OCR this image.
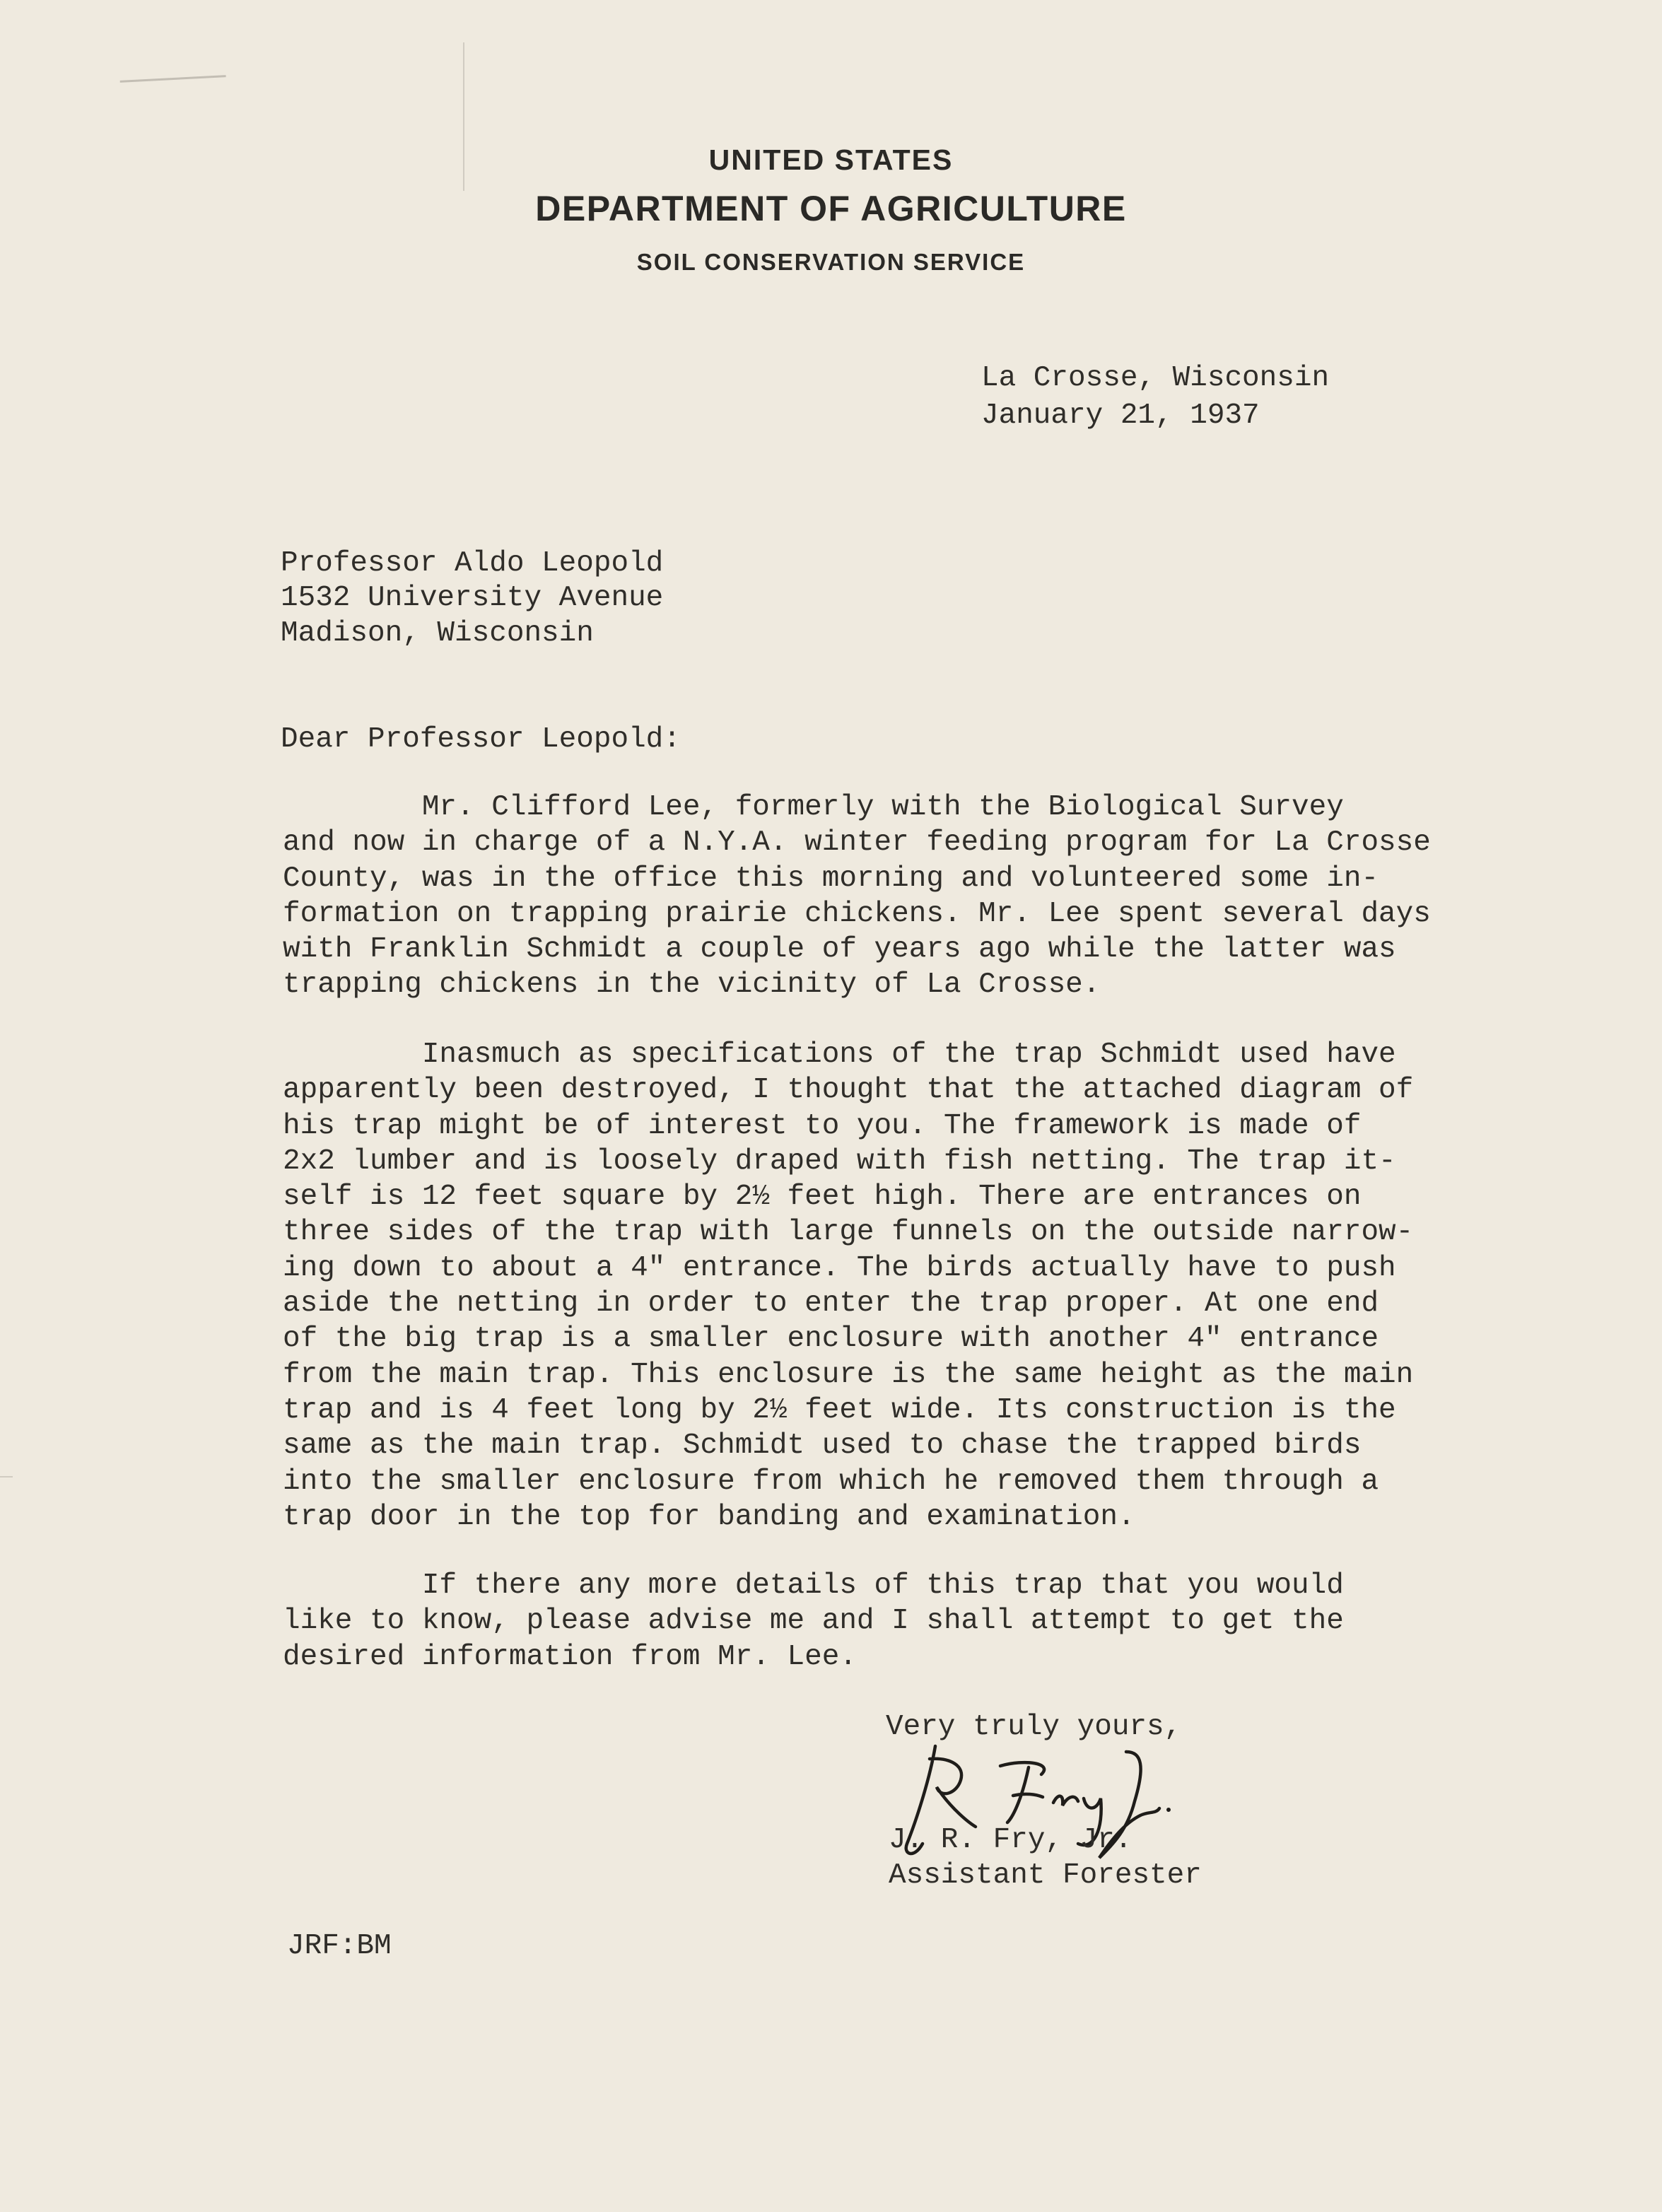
UNITED STATES
DEPARTMENT OF AGRICULTURE
SOIL CONSERVATION SERVICE
La Crosse, Wisconsin
January 21, 1937
Professor Aldo Leopold
1532 University Avenue
Madison, Wisconsin
Dear Professor Leopold:
Mr. Clifford Lee, formerly with the Biological Survey
and now in charge of a N.Y.A. winter feeding program for La Crosse
County, was in the office this morning and volunteered some in-
formation on trapping prairie chickens. Mr. Lee spent several days
with Franklin Schmidt a couple of years ago while the latter was
trapping chickens in the vicinity of La Crosse.
Inasmuch as specifications of the trap Schmidt used have
apparently been destroyed, I thought that the attached diagram of
his trap might be of interest to you. The framework is made of
2x2 lumber and is loosely draped with fish netting. The trap it-
self is 12 feet square by 2½ feet high. There are entrances on
three sides of the trap with large funnels on the outside narrow-
ing down to about a 4" entrance. The birds actually have to push
aside the netting in order to enter the trap proper. At one end
of the big trap is a smaller enclosure with another 4" entrance
from the main trap. This enclosure is the same height as the main
trap and is 4 feet long by 2½ feet wide. Its construction is the
same as the main trap. Schmidt used to chase the trapped birds
into the smaller enclosure from which he removed them through a
trap door in the top for banding and examination.
If there any more details of this trap that you would
like to know, please advise me and I shall attempt to get the
desired information from Mr. Lee.
Very truly yours,
J. R. Fry, Jr.
Assistant Forester
JRF:BM
